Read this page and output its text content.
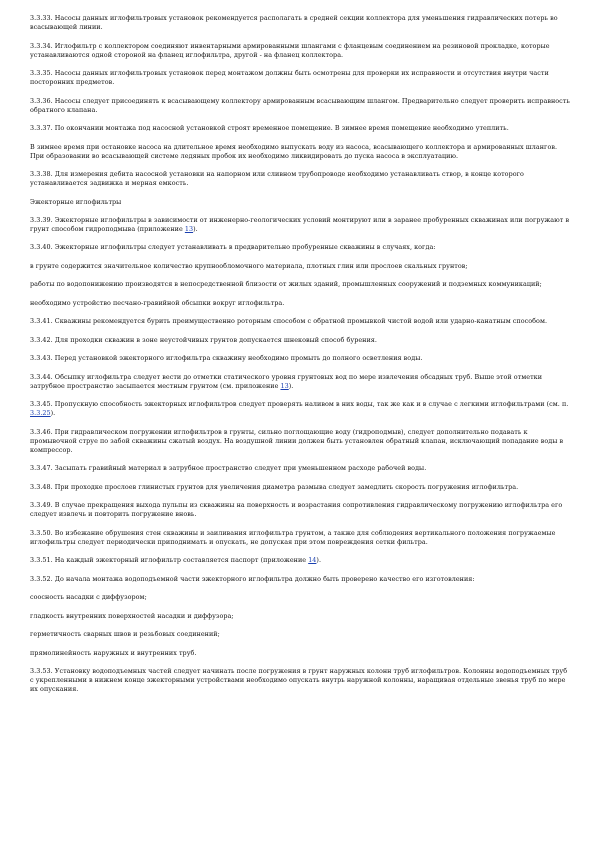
3.3.33. Насосы данных иглофильтровых установок рекомендуется располагать в средней секции коллектора для уменьшения гидравлических потерь во всасывающей линии.
3.3.34. Иглофильтр с коллектором соединяют инвентарными армированными шлангами с фланцевым соединением на резиновой прокладке, которые устанавливаются одной стороной на фланец иглофильтра, другой - на фланец коллектора.
3.3.35. Насосы данных иглофильтровых установок перед монтажом должны быть осмотрены для проверки их исправности и отсутствия внутри части посторонних предметов.
3.3.36. Насосы следует присоединять к всасывающему коллектору армированным всасывающим шлангом. Предварительно следует проверить исправность обратного клапана.
3.3.37. По окончании монтажа под насосной установкой строят временное помещение. В зимнее время помещение необходимо утеплить.
В зимнее время при остановке насоса на длительное время необходимо выпускать воду из насоса, всасывающего коллектора и армированных шлангов. При образовании во всасывающей системе ледяных пробок их необходимо ликвидировать до пуска насоса в эксплуатацию.
3.3.38. Для измерения дебита насосной установки на напорном или сливном трубопроводе необходимо устанавливать створ, в конце которого устанавливается задвижка и мерная емкость.
Эжекторные иглофильтры
3.3.39. Эжекторные иглофильтры в зависимости от инженерно-геологических условий монтируют или в заранее пробуренных скважинах или погружают в грунт способом гидроподмыва (приложение 13).
3.3.40. Эжекторные иглофильтры следует устанавливать в предварительно пробуренные скважины в случаях, когда:
в грунте содержится значительное количество крупнообломочного материала, плотных глин или прослоев скальных грунтов;
работы по водопонижению производятся в непосредственной близости от жилых зданий, промышленных сооружений и подземных коммуникаций;
необходимо устройство песчано-гравийной обсыпки вокруг иглофильтра.
3.3.41. Скважины рекомендуется бурить преимущественно роторным способом с обратной промывкой чистой водой или ударно-канатным способом.
3.3.42. Для проходки скважин в зоне неустойчивых грунтов допускается шнековый способ бурения.
3.3.43. Перед установкой эжекторного иглофильтра скважину необходимо промыть до полного осветления воды.
3.3.44. Обсыпку иглофильтра следует вести до отметки статического уровня грунтовых вод по мере извлечения обсадных труб. Выше этой отметки затрубное пространство засыпается местным грунтом (см. приложение 13).
3.3.45. Пропускную способность эжекторных иглофильтров следует проверять наливом в них воды, так же как и в случае с легкими иглофильтрами (см. п. 3.3.25).
3.3.46. При гидравлическом погружении иглофильтров в грунты, сильно поглощающие воду (гидроподмыв), следует дополнительно подавать к промывочной струе по забой скважины сжатый воздух. На воздушной линии должен быть установлен обратный клапан, исключающий попадание воды в компрессор.
3.3.47. Засыпать гравийный материал в затрубное пространство следует при уменьшенном расходе рабочей воды.
3.3.48. При проходке прослоев глинистых грунтов для увеличения диаметра размыва следует замедлить скорость погружения иглофильтра.
3.3.49. В случае прекращения выхода пульпы из скважины на поверхность и возрастания сопротивления гидравлическому погружению иглофильтра его следует извлечь и повторить погружение вновь.
3.3.50. Во избежание обрушения стен скважины и заиливания иглофильтра грунтом, а также для соблюдения вертикального положения погружаемые иглофильтры следует периодически приподнимать и опускать, не допуская при этом повреждения сетки фильтра.
3.3.51. На каждый эжекторный иглофильтр составляется паспорт (приложение 14).
3.3.52. До начала монтажа водоподъемной части эжекторного иглофильтра должно быть проверено качество его изготовления:
соосность насадки с диффузором;
гладкость внутренних поверхностей насадки и диффузора;
герметичность сварных швов и резьбовых соединений;
прямолинейность наружных и внутренних труб.
3.3.53. Установку водоподъемных частей следует начинать после погружения в грунт наружных колонн труб иглофильтров. Колонны водоподъемных труб с укрепленными в нижнем конце эжекторными устройствами необходимо опускать внутрь наружной колонны, наращивая отдельные звенья труб по мере их опускания.
